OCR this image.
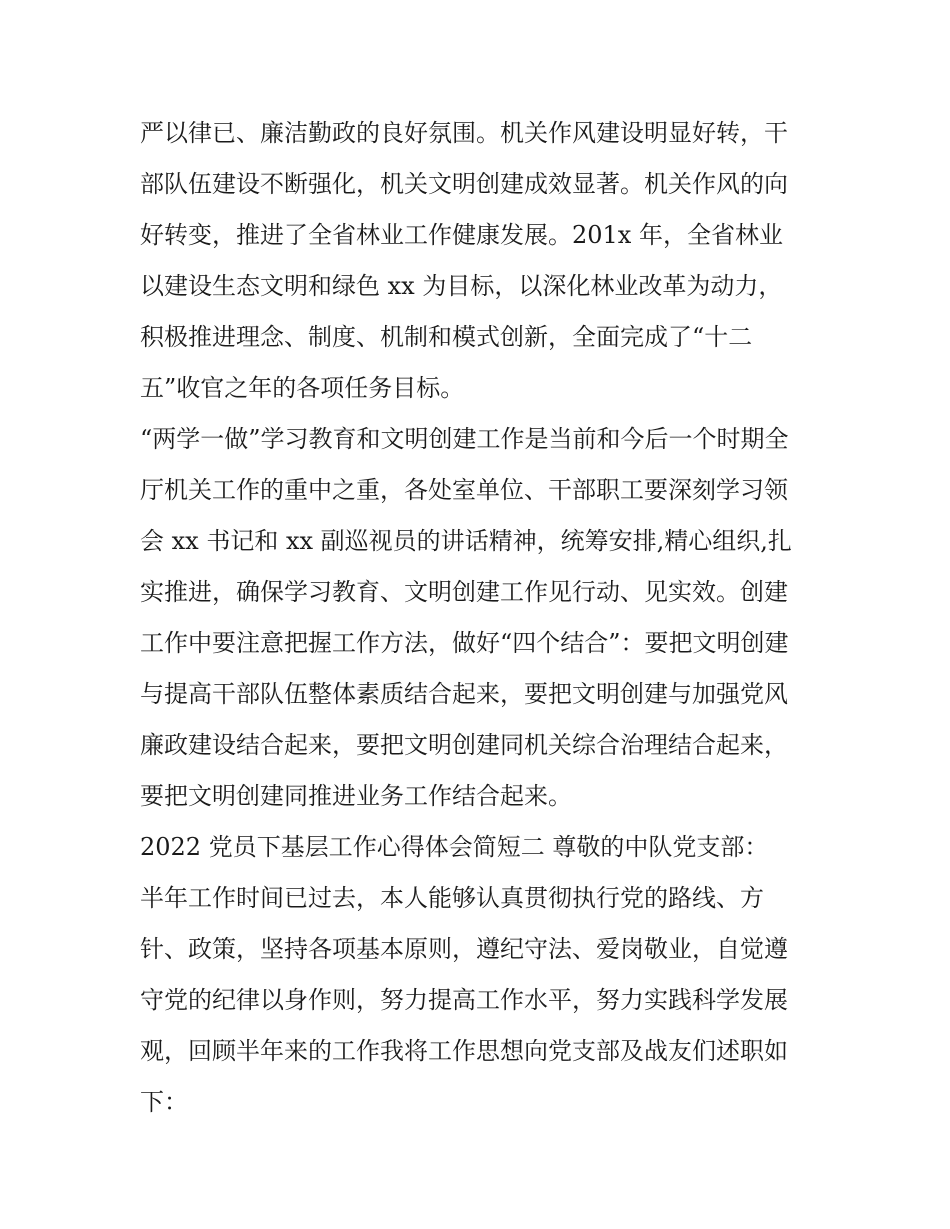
严以律已、廉洁勤政的良好氛围。机关作风建设明显好转，干
部队伍建设不断强化，机关文明创建成效显著。机关作风的向
好转变，推进了全省林业工作健康发展。201x 年，全省林业
以建设生态文明和绿色 xx 为目标，以深化林业改革为动力，
积极推进理念、制度、机制和模式创新，全面完成了“十二
五”收官之年的各项任务目标。
“两学一做”学习教育和文明创建工作是当前和今后一个时期全
厅机关工作的重中之重，各处室单位、干部职工要深刻学习领
会 xx 书记和 xx 副巡视员的讲话精神，统筹安排,精心组织,扎
实推进，确保学习教育、文明创建工作见行动、见实效。创建
工作中要注意把握工作方法，做好“四个结合”：要把文明创建
与提高干部队伍整体素质结合起来，要把文明创建与加强党风
廉政建设结合起来，要把文明创建同机关综合治理结合起来，
要把文明创建同推进业务工作结合起来。
2022 党员下基层工作心得体会简短二 尊敬的中队党支部：
半年工作时间已过去，本人能够认真贯彻执行党的路线、方
针、政策，坚持各项基本原则，遵纪守法、爱岗敬业，自觉遵
守党的纪律以身作则，努力提高工作水平，努力实践科学发展
观，回顾半年来的工作我将工作思想向党支部及战友们述职如
下：
